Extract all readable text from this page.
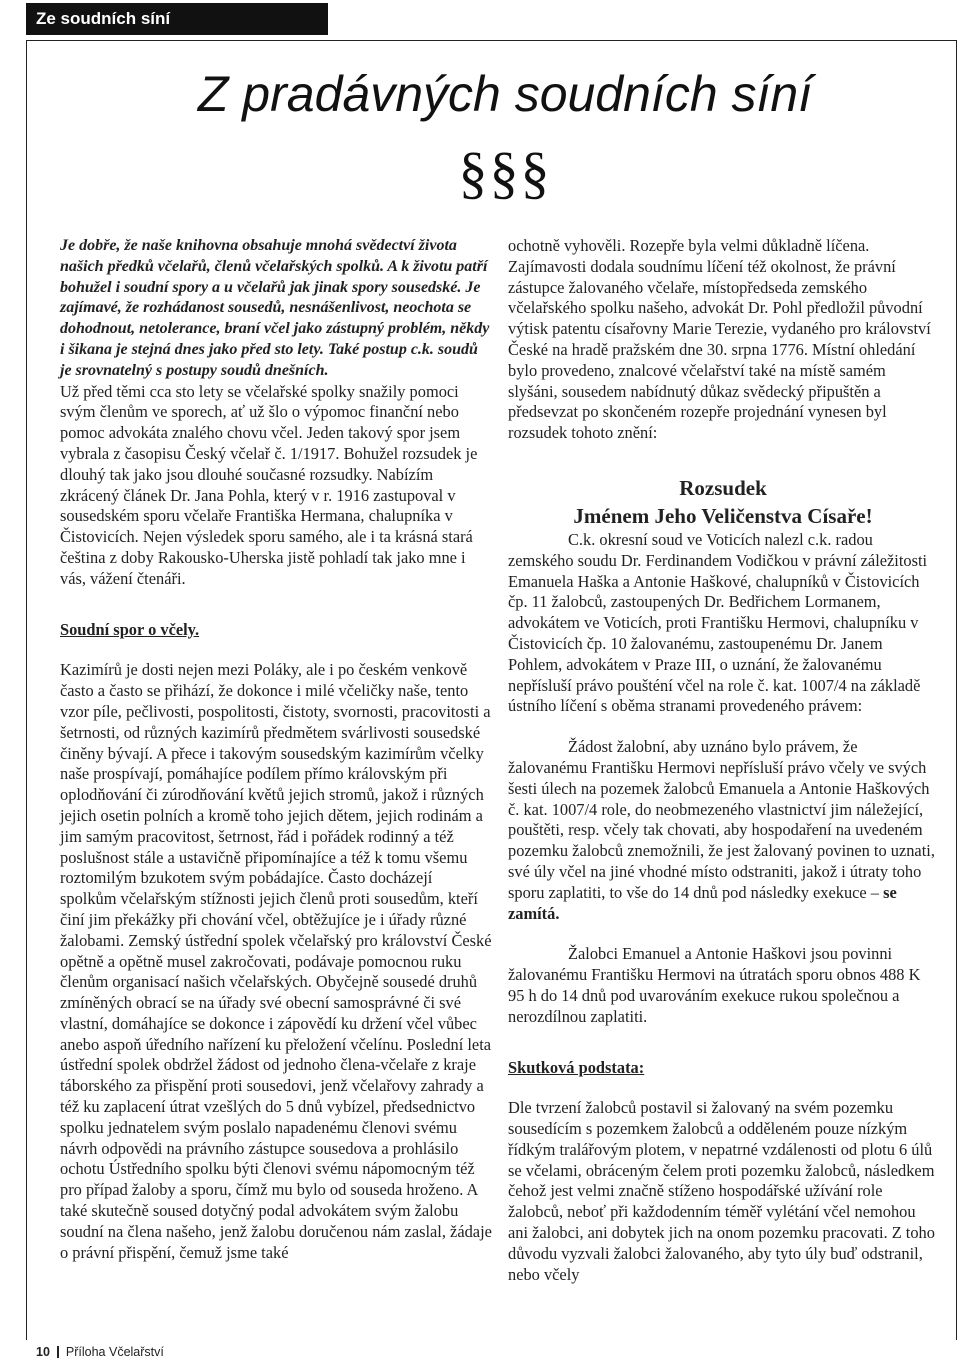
Ze soudních síní
Z pradávných soudních síní
§§§

Je dobře, že naše knihovna obsahuje mnohá svědectví života našich předků včelařů, členů včelařských spolků. A k životu patří bohužel i soudní spory a u včelařů jak jinak spory sousedské. Je zajímavé, že rozhádanost sousedů, nesnášenlivost, neochota se dohodnout, netolerance, braní včel jako zástupný problém, někdy i šikana je stejná dnes jako před sto lety. Také postup c.k. soudů je srovnatelný s postupy soudů dnešních.

Už před těmi cca sto lety se včelařské spolky snažily pomoci svým členům ve sporech, ať už šlo o výpomoc finanční nebo pomoc advokáta znalého chovu včel. Jeden takový spor jsem vybrala z časopisu Český včelař č. 1/1917. Bohužel rozsudek je dlouhý tak jako jsou dlouhé současné rozsudky. Nabízím zkrácený článek Dr. Jana Pohla, který v r. 1916 zastupoval v sousedském sporu včelaře Františka Hermana, chalupníka v Čistovicích. Nejen výsledek sporu samého, ale i ta krásná stará čeština z doby Rakousko-Uherska jistě pohladí tak jako mne i vás, vážení čtenáři.

Soudní spor o včely.

Kazimírů je dosti nejen mezi Poláky, ale i po českém venkově často a často se přihází, že dokonce i milé včeličky naše, tento vzor píle, pečlivosti, pospolitosti, čistoty, svornosti, pracovitosti a šetrnosti, od různých kazimírů předmětem svárlivosti sousedské činěny bývají. A přece i takovým sousedským kazimírům včelky naše prospívají, pomáhajíce podílem přímo královským při oplodňování či zúrodňování květů jejich stromů, jakož i různých jejich osetin polních a kromě toho jejich dětem, jejich rodinám a jim samým pracovitost, šetrnost, řád i pořádek rodinný a též poslušnost stále a ustavičně připomínajíce a též k tomu všemu roztomilým bzukotem svým pobádajíce. Často docházejí spolkům včelařským stížnosti jejich členů proti sousedům, kteří činí jim překážky při chování včel, obtěžujíce je i úřady různé žalobami. Zemský ústřední spolek včelařský pro království České opětně a opětně musel zakročovati, podávaje pomocnou ruku členům organisací našich včelařských. Obyčejně sousedé druhů zmíněných obrací se na úřady své obecní samosprávné či své vlastní, domáhajíce se dokonce i zápovědí ku držení včel vůbec anebo aspoň úředního nařízení ku přeložení včelínu. Poslední leta ústřední spolek obdržel žádost od jednoho člena-včelaře z kraje táborského za přispění proti sousedovi, jenž včelařovy zahrady a též ku zaplacení útrat vzešlých do 5 dnů vybízel, předsednictvo spolku jednatelem svým poslalo napadenému členovi svému návrh odpovědi na právního zástupce sousedova a prohlásilo ochotu Ústředního spolku býti členovi svému nápomocným též pro případ žaloby a sporu, čímž mu bylo od souseda hroženo. A také skutečně soused dotyčný podal advokátem svým žalobu soudní na člena našeho, jenž žalobu doručenou nám zaslal, žádaje o právní přispění, čemuž jsme také

ochotně vyhověli. Rozepře byla velmi důkladně líčena. Zajímavosti dodala soudnímu líčení též okolnost, že právní zástupce žalovaného včelaře, místopředseda zemského včelařského spolku našeho, advokát Dr. Pohl předložil původní výtisk patentu císařovny Marie Terezie, vydaného pro království České na hradě pražském dne 30. srpna 1776. Místní ohledání bylo provedeno, znalcové včelařství také na místě samém slyšáni, sousedem nabídnutý důkaz svědecký připuštěn a předsevzat po skončeném rozepře projednání vynesen byl rozsudek tohoto znění:

Rozsudek

Jménem Jeho Veličenstva Císaře!

C.k. okresní soud ve Voticích nalezl c.k. radou zemského soudu Dr. Ferdinandem Vodičkou v právní záležitosti Emanuela Haška a Antonie Haškové, chalupníků v Čistovicích čp. 11 žalobců, zastoupených Dr. Bedřichem Lormanem, advokátem ve Voticích, proti Františku Hermovi, chalupníku v Čistovicích čp. 10 žalovanému, zastoupenému Dr. Janem Pohlem, advokátem v Praze III, o uznání, že žalovanému nepřísluší právo poušténí včel na role č. kat. 1007/4 na základě ústního líčení s oběma stranami provedeného právem:

Žádost žalobní, aby uznáno bylo právem, že žalovanému Františku Hermovi nepřísluší právo včely ve svých šesti úlech na pozemek žalobců Emanuela a Antonie Haškových č. kat. 1007/4 role, do neobmezeného vlastnictví jim náležející, pouštěti, resp. včely tak chovati, aby hospodaření na uvedeném pozemku žalobců znemožnili, že jest žalovaný povinen to uznati, své úly včel na jiné vhodné místo odstraniti, jakož i útraty toho sporu zaplatiti, to vše do 14 dnů pod následky exekuce – se zamítá.

Žalobci Emanuel a Antonie Haškovi jsou povinni žalovanému Františku Hermovi na útratách sporu obnos 488 K 95 h do 14 dnů pod uvarováním exekuce rukou společnou a nerozdílnou zaplatiti.

Skutková podstata:

Dle tvrzení žalobců postavil si žalovaný na svém pozemku sousedícím s pozemkem žalobců a odděleném pouze nízkým řídkým tralářovým plotem, v nepatrné vzdálenosti od plotu 6 úlů se včelami, obráceným čelem proti pozemku žalobců, následkem čehož jest velmi značně stíženo hospodářské užívání role žalobců, neboť při každodenním téměř vylétání včel nemohou ani žalobci, ani dobytek jich na onom pozemku pracovati. Z toho důvodu vyzvali žalobci žalovaného, aby tyto úly buď odstranil, nebo včely

10 Příloha Včelařství
